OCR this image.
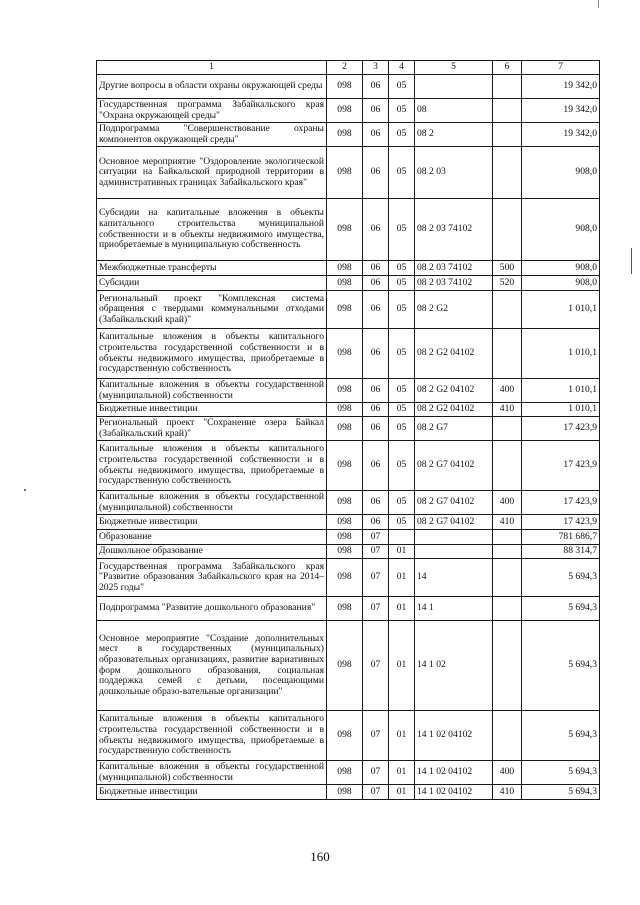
1	2	3	4	5	6	7
Другие вопросы в области охраны окружающей среды	098	06	05			19 342,0
Государственная программа Забайкальского края "Охрана окружающей среды"	098	06	05	08		19 342,0
Подпрограмма "Совершенствование охраны компонентов окружающей среды"	098	06	05	08 2		19 342,0
Основное мероприятие "Оздоровление экологической ситуации на Байкальской природной территории в административных границах Забайкальского края"	098	06	05	08 2 03		908,0
Субсидии на капитальные вложения в объекты капитального строительства муниципальной собственности и в объекты недвижимого имущества, приобретаемые в муниципальную собственность	098	06	05	08 2 03 74102		908,0
Межбюджетные трансферты	098	06	05	08 2 03 74102	500	908,0
Субсидии	098	06	05	08 2 03 74102	520	908,0
Региональный проект "Комплексная система обращения с твердыми коммунальными отходами (Забайкальский край)"	098	06	05	08 2 G2		1 010,1
Капитальные вложения в объекты капитального строительства государственной собственности и в объекты недвижимого имущества, приобретаемые в государственную собственность	098	06	05	08 2 G2 04102		1 010,1
Капитальные вложения в объекты государственной (муниципальной) собственности	098	06	05	08 2 G2 04102	400	1 010,1
Бюджетные инвестиции	098	06	05	08 2 G2 04102	410	1 010,1
Региональный проект "Сохранение озера Байкал (Забайкальский край)"	098	06	05	08 2 G7		17 423,9
Капитальные вложения в объекты капитального строительства государственной собственности и в объекты недвижимого имущества, приобретаемые в государственную собственность	098	06	05	08 2 G7 04102		17 423,9
Капитальные вложения в объекты государственной (муниципальной) собственности	098	06	05	08 2 G7 04102	400	17 423,9
Бюджетные инвестиции	098	06	05	08 2 G7 04102	410	17 423,9
Образование	098	07				781 686,7
Дошкольное образование	098	07	01			88 314,7
Государственная программа Забайкальского края "Развитие образования Забайкальского края на 2014–2025 годы"	098	07	01	14		5 694,3
Подпрограмма "Развитие дошкольного образования"	098	07	01	14 1		5 694,3
Основное мероприятие "Создание дополнительных мест в государственных (муниципальных) образовательных организациях, развитие вариативных форм дошкольного образования, социальная поддержка семей с детьми, посещающими дошкольные образо-вательные организации"	098	07	01	14 1 02		5 694,3
Капитальные вложения в объекты капитального строительства государственной собственности и в объекты недвижимого имущества, приобретаемые в государственную собственность	098	07	01	14 1 02 04102		5 694,3
Капитальные вложения в объекты государственной (муниципальной) собственности	098	07	01	14 1 02 04102	400	5 694,3
Бюджетные инвестиции	098	07	01	14 1 02 04102	410	5 694,3
160
